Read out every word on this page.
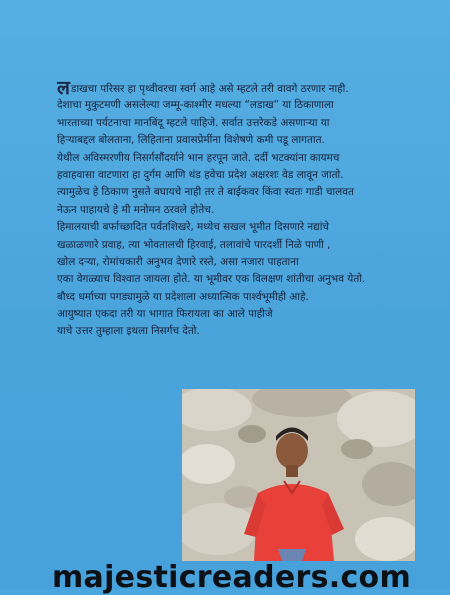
लडाखचा परिसर हा पृथ्वीवरचा स्वर्ग आहे असे म्हटले तरी वावगे ठरणार नाही.
देशाचा मुकुटमणी असलेल्या जम्मू-काश्मीर मधल्या “लडाख” या ठिकाणाला
भारताच्या पर्यटनाचा मानबिंदू म्हटले पाहिजे. सर्वात उत्तरेकडे असणाऱ्या या
हिऱ्याबद्दल बोलताना, लिहिताना प्रवासप्रेमींना विशेषणे कमी पडू लागतात.
येथील अविस्मरणीय निसर्गसौंदर्याने भान हरपून जाते. दर्दी भटक्यांना कायमच
हवाहवासा वाटणारा हा दुर्गम आणि थंड हवेचा प्रदेश अक्षरशः वेड लावून जातो.
त्यामुळेच हे ठिकाण नुसते बघायचे नाही तर ते बाईकवर किंवा स्वतः गाडी चालवत
नेऊन पाहायचे हे मी मनोमन ठरवले होतेच.
हिमालयाची बर्फाच्छादित पर्वतशिखरे, मध्येच सखल भूमीत दिसणारे नद्यांचे
खळाळणारे प्रवाह, त्या भोवतालची हिरवाई, तलावांचे पारदर्शी निळे पाणी ,
खोल दऱ्या, रोमांचकारी अनुभव देणारे रस्ते, असा नजारा पाहताना
एका वेगळ्याच विश्वात जायला होते. या भूमीवर एक विलक्षण शांतीचा अनुभव येतो.
बौध्द धर्माच्या पगड्यामुळे या प्रदेशाला अध्यात्मिक पार्श्वभूमीही आहे.
आयुष्यात एकदा तरी या भागात फिरायला का आले पाहीजे
याचे उत्तर तुम्हाला इथला निसर्गच देतो.
majesticreaders.com
